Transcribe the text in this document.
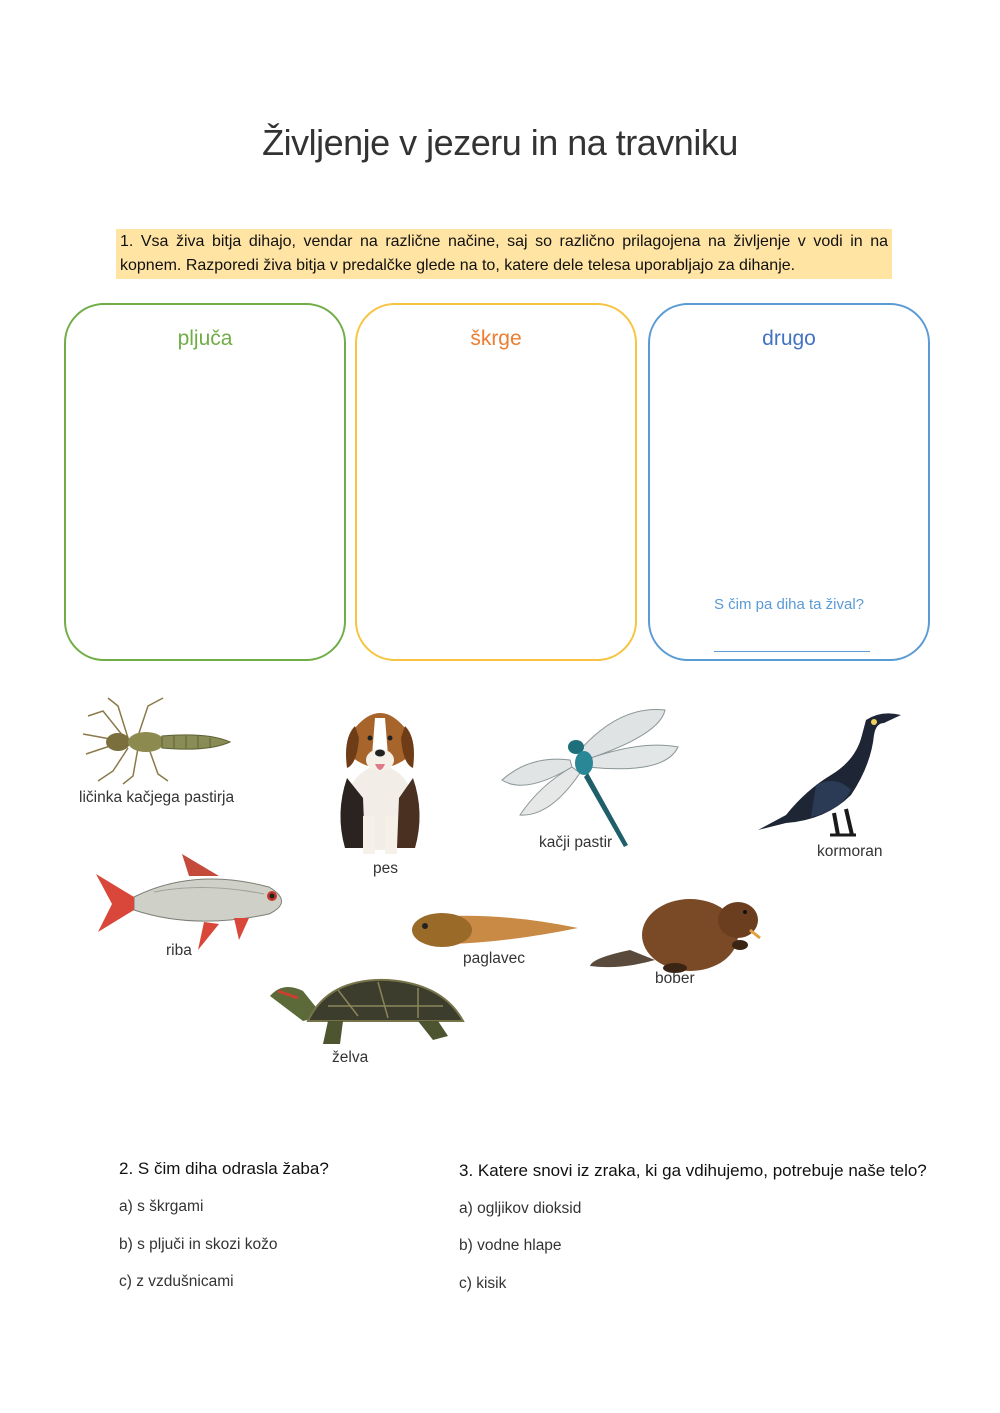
Življenje v jezeru in na travniku
1. Vsa živa bitja dihajo, vendar na različne načine, saj so različno prilagojena na življenje v vodi in na kopnem. Razporedi živa bitja v predalčke glede na to, katere dele telesa uporabljajo za dihanje.
pljuča	škrge	drugo
S čim pa diha ta žival?
ličinka kačjega pastirja
pes
kačji pastir
kormoran
riba	paglavec
bober
želva
2. S čim diha odrasla žaba?
a) s škrgami
b) s pljuči in skozi kožo
c) z vzdušnicami
3. Katere snovi iz zraka, ki ga vdihujemo, potrebuje naše telo?
a) ogljikov dioksid
b) vodne hlape
c) kisik
